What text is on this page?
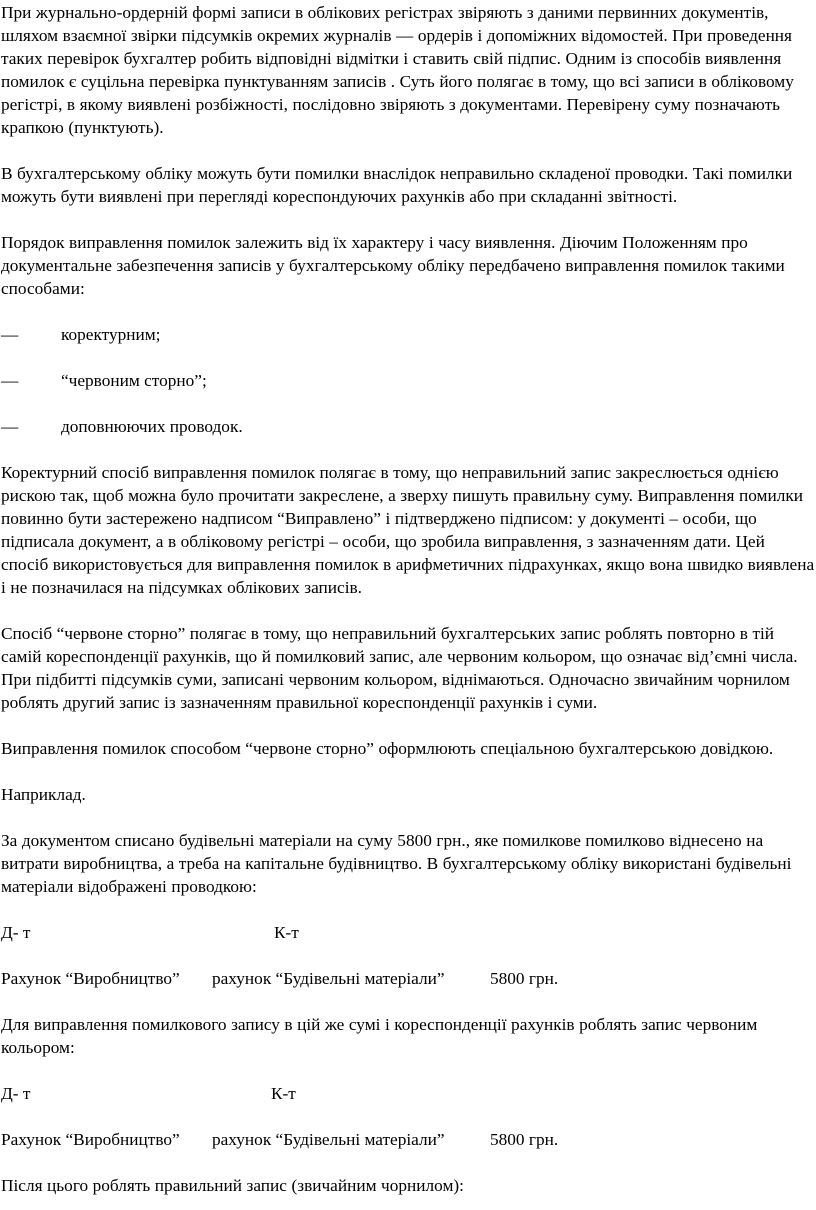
При журнально-ордерній формі записи в облікових регістрах звіряють з даними первинних документів, шляхом взаємної звірки підсумків окремих журналів — ордерів і допоміжних відомостей. При проведення таких перевірок бухгалтер робить відповідні відмітки і ставить свій підпис. Одним із способів виявлення помилок є суцільна перевірка пунктуванням записів . Суть його полягає в тому, що всі записи в обліковому регістрі, в якому виявлені розбіжності, послідовно звіряють з документами. Перевірену суму позначають крапкою (пунктують).

В бухгалтерському обліку можуть бути помилки внаслідок неправильно складеної проводки. Такі помилки можуть бути виявлені при перегляді кореспондуючих рахунків або при складанні звітності.

Порядок виправлення помилок залежить від їх характеру і часу виявлення. Діючим Положенням про документальне забезпечення записів у бухгалтерському обліку передбачено виправлення помилок такими способами:

—	коректурним;
—	“червоним сторно”;
—	доповнюючих проводок.

Коректурний спосіб виправлення помилок полягає в тому, що неправильний запис закреслюється однією рискою так, щоб можна було прочитати закреслене, а зверху пишуть правильну суму. Виправлення помилки повинно бути застережено надписом “Виправлено” і підтверджено підписом: у документі – особи, що підписала документ, а в обліковому регістрі – особи, що зробила виправлення, з зазначенням дати. Цей спосіб використовується для виправлення помилок в арифметичних підрахунках, якщо вона швидко виявлена і не позначилася на підсумках облікових записів.

Спосіб “червоне сторно” полягає в тому, що неправильний бухгалтерських запис роблять повторно в тій самій кореспонденції рахунків, що й помилковий запис, але червоним кольором, що означає від’ємні числа. При підбитті підсумків суми, записані червоним кольором, віднімаються. Одночасно звичайним чорнилом роблять другий запис із зазначенням правильної кореспонденції рахунків і суми.

Виправлення помилок способом “червоне сторно” оформлюють спеціальною бухгалтерською довідкою.

Наприклад.

За документом списано будівельні матеріали на суму 5800 грн., яке помилкове помилково віднесено на витрати виробництва, а треба на капітальне будівництво. В бухгалтерському обліку використані будівельні матеріали відображені проводкою:

Д- т	К-т
Рахунок “Виробництво” рахунок “Будівельні матеріали”	5800 грн.

Для виправлення помилкового запису в цій же сумі і кореспонденції рахунків роблять запис червоним кольором:

Д- т	К-т
Рахунок “Виробництво” рахунок “Будівельні матеріали”	5800 грн.

Після цього роблять правильний запис (звичайним чорнилом):
